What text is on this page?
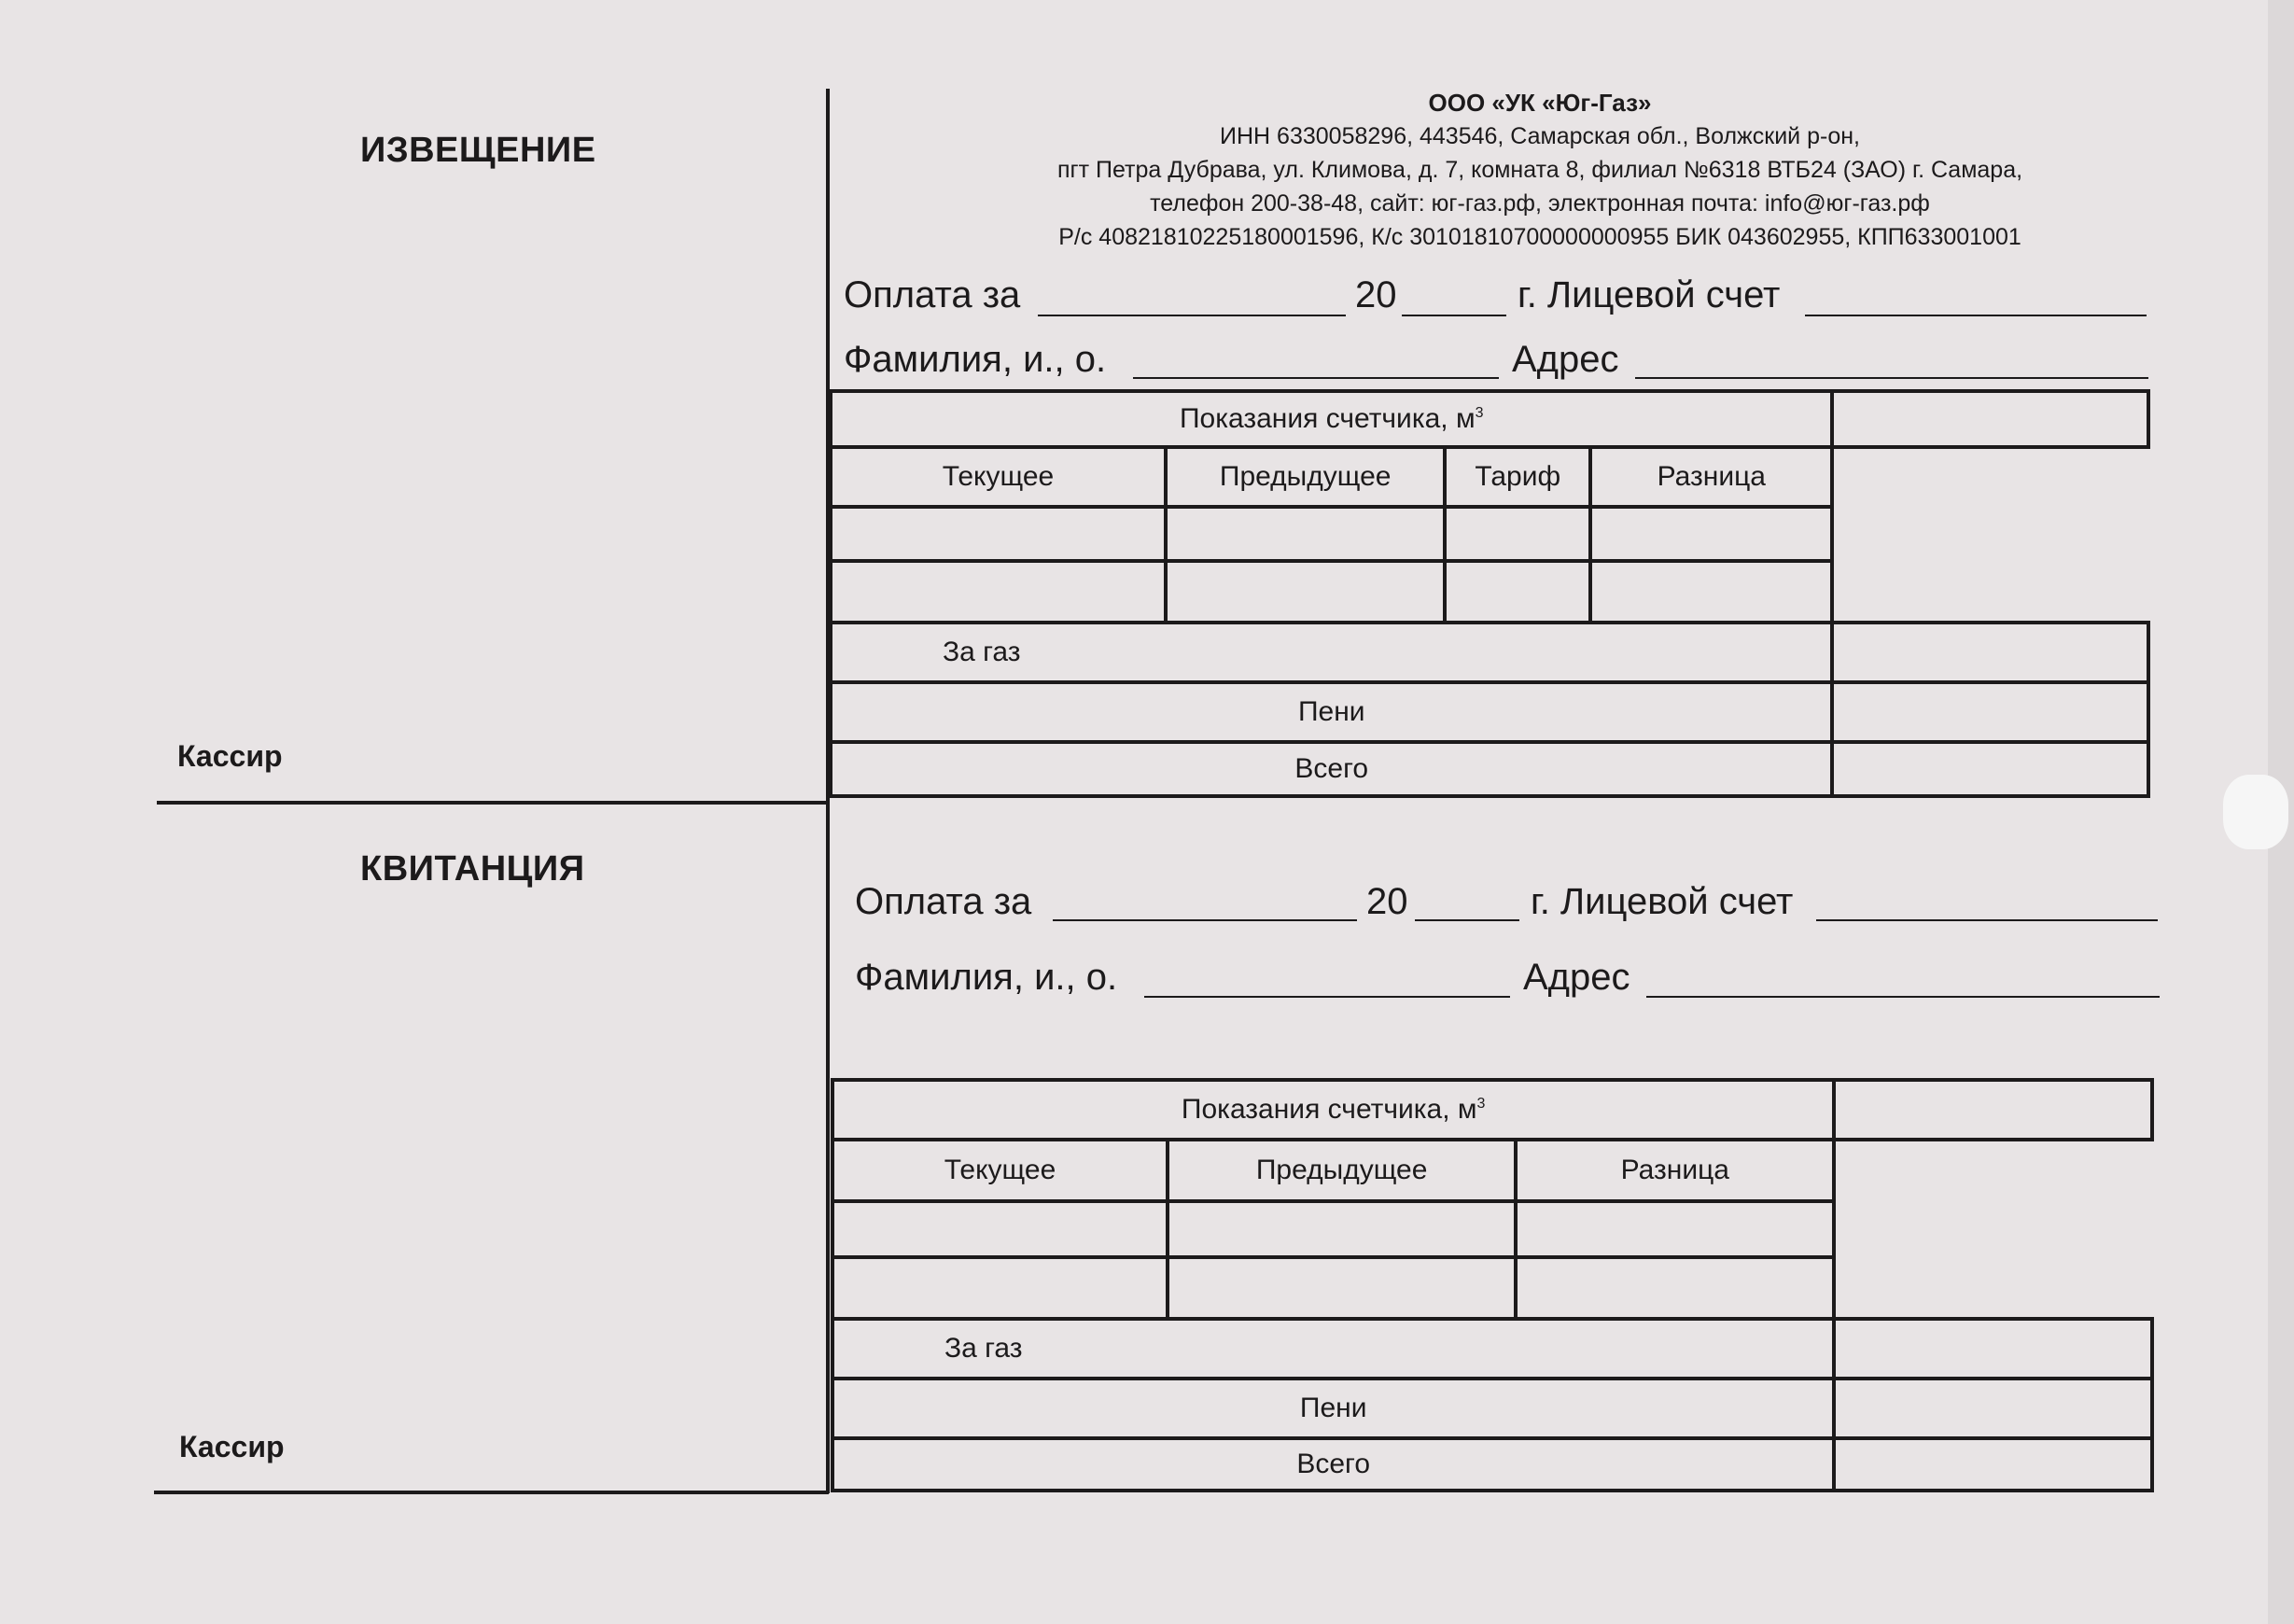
ИЗВЕЩЕНИЕ
Кассир
ООО «УК «Юг-Газ»
ИНН 6330058296, 443546, Самарская обл., Волжский р-он,
пгт Петра Дубрава, ул. Климова, д. 7, комната 8, филиал №6318 ВТБ24 (ЗАО) г. Самара,
телефон 200-38-48, сайт: юг-газ.рф, электронная почта: info@юг-газ.рф
Р/с 40821810225180001596, К/с 30101810700000000955 БИК 043602955, КПП633001001
Оплата за	20	г. Лицевой счет
Фамилия, и., о.	Адрес
Показания счетчика, $м^3$	
Текущее	Предыдущее	Тариф	Разница	

За газ				
Пени				
Всего				
КВИТАНЦИЯ
Кассир
Оплата за	20	г. Лицевой счет
Фамилия, и., о.	Адрес
Показания счетчика, $м^3$	
Текущее	Предыдущее	Разница	

За газ			
Пени			
Всего			
